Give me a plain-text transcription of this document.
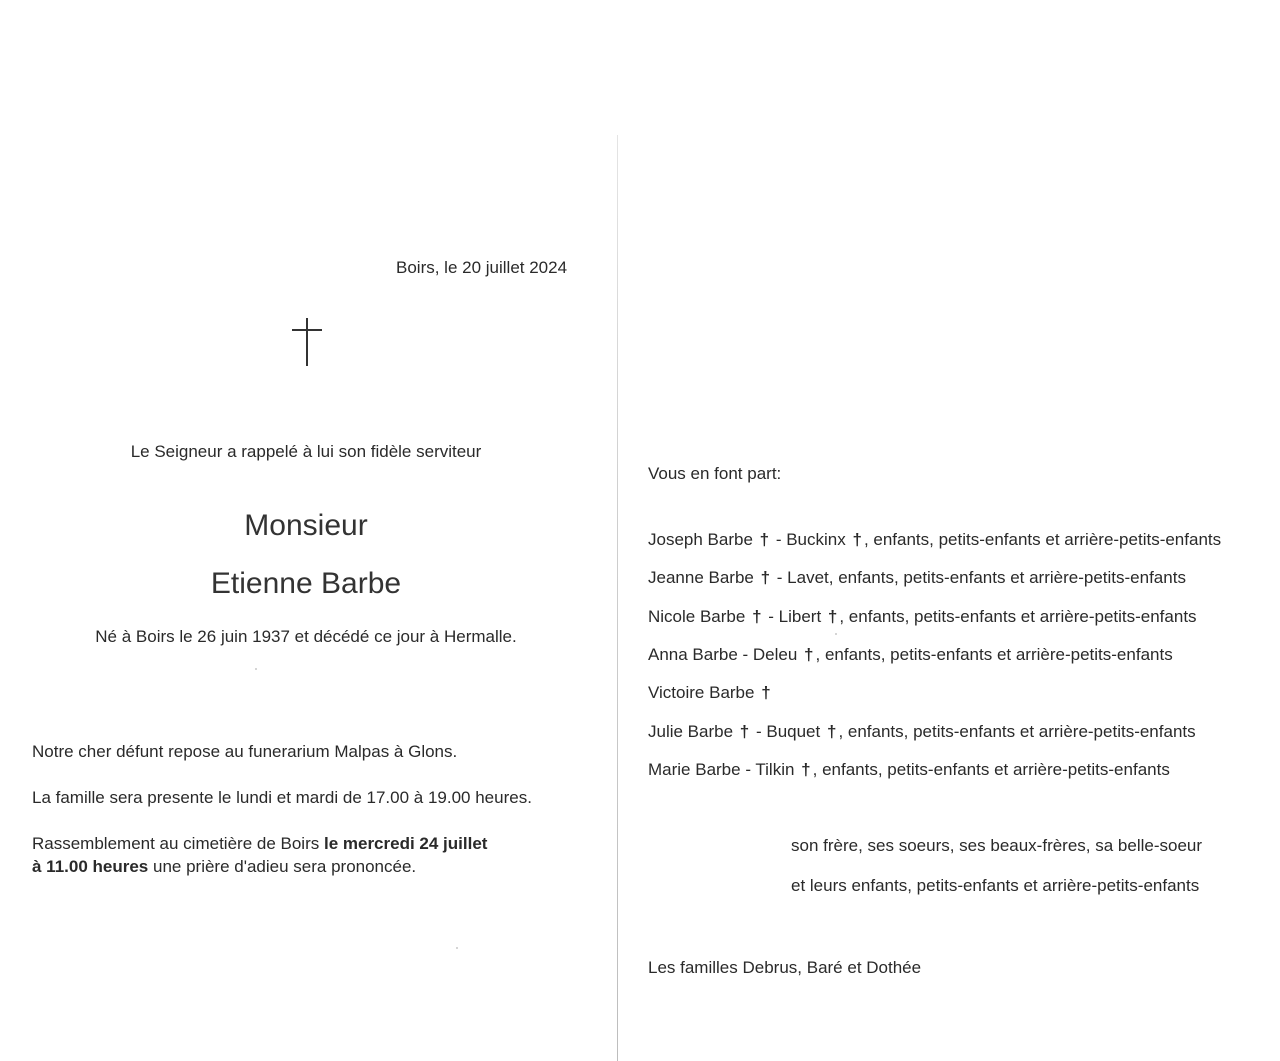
Boirs, le 20 juillet 2024
Le Seigneur a rappelé à lui son fidèle serviteur
Monsieur
Etienne Barbe
Né à Boirs le 26 juin 1937 et décédé ce jour à Hermalle.
Notre cher défunt repose au funerarium Malpas à Glons.
La famille sera presente le lundi et mardi de 17.00 à 19.00 heures.
Rassemblement au cimetière de Boirs le mercredi 24 juillet
à 11.00 heures une prière d'adieu sera prononcée.
Vous en font part:
Joseph Barbe † - Buckinx † , enfants, petits-enfants et arrière-petits-enfants
Jeanne Barbe † - Lavet, enfants, petits-enfants et arrière-petits-enfants
Nicole Barbe † - Libert † , enfants, petits-enfants et arrière-petits-enfants
Anna Barbe - Deleu † , enfants, petits-enfants et arrière-petits-enfants
Victoire Barbe †
Julie Barbe † - Buquet † , enfants, petits-enfants et arrière-petits-enfants
Marie Barbe - Tilkin † , enfants, petits-enfants et arrière-petits-enfants
son frère, ses soeurs, ses beaux-frères, sa belle-soeur
et leurs enfants, petits-enfants et arrière-petits-enfants
Les familles Debrus, Baré et Dothée
